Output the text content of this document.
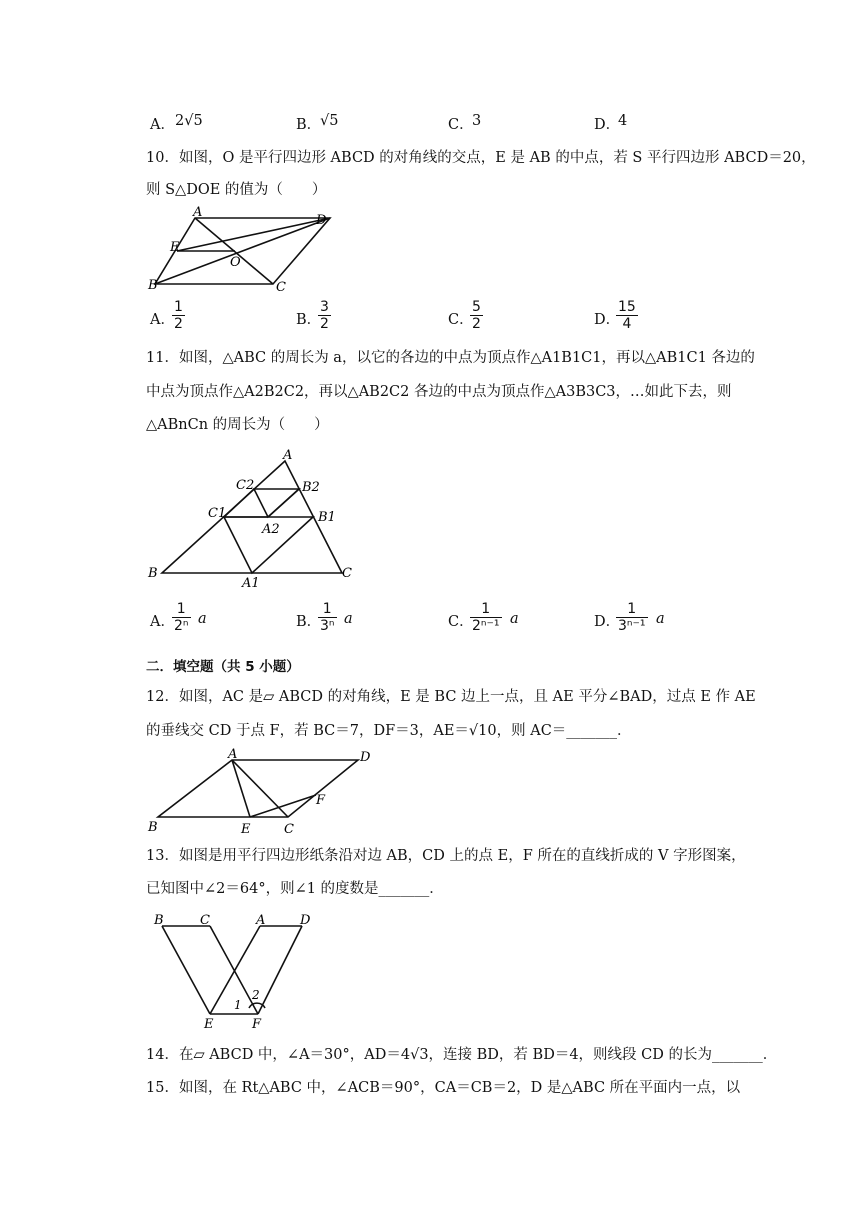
A． 2√5	B．
√5	C．
3	D．
4
10．如图，O 是平行四边形 ABCD 的对角线的交点，E 是 AB 的中点，若 S 平行四边形 ABCD＝20，
则 S△DOE 的值为（　　）
A
D
E
O
B	C
A．
$\frac{1}{2}$	B．
$\frac{3}{2}$	C．
$\frac{5}{2}$	D．
$\frac{15}{4}$
11．如图，△ABC 的周长为 a，以它的各边的中点为顶点作△A1B1C1，再以△AB1C1 各边的
中点为顶点作△A2B2C2，再以△AB2C2 各边的中点为顶点作△A3B3C3，…如此下去，则
△ABnCn 的周长为（　　）
A
C2	B2
C1
A2
B1
B
A1
C
A．
$\frac{1}{\text{2ⁿ}}$ a	B．
$\frac{1}{\text{3ⁿ}}$ a	C．
$\frac{1}{\text{2ⁿ⁻¹}}$ a	D．
$\frac{1}{\text{3ⁿ⁻¹}}$ a
二．填空题（共 5 小题）
12．如图，AC 是▱ ABCD 的对角线，E 是 BC 边上一点，且 AE 平分∠BAD，过点 E 作 AE
的垂线交 CD 于点 F，若 BC＝7，DF＝3，AE＝√10，则 AC＝_______．
A	D
F
B	E	C
13．如图是用平行四边形纸条沿对边 AB，CD 上的点 E，F 所在的直线折成的 V 字形图案，
已知图中∠2＝64°，则∠1 的度数是_______．
B	C	A	D
1
2
E	F
14．在▱ ABCD 中，∠A＝30°，AD＝4√3，连接 BD，若 BD＝4，则线段 CD 的长为_______．
15．如图，在 Rt△ABC 中，∠ACB＝90°，CA＝CB＝2，D 是△ABC 所在平面内一点，以
